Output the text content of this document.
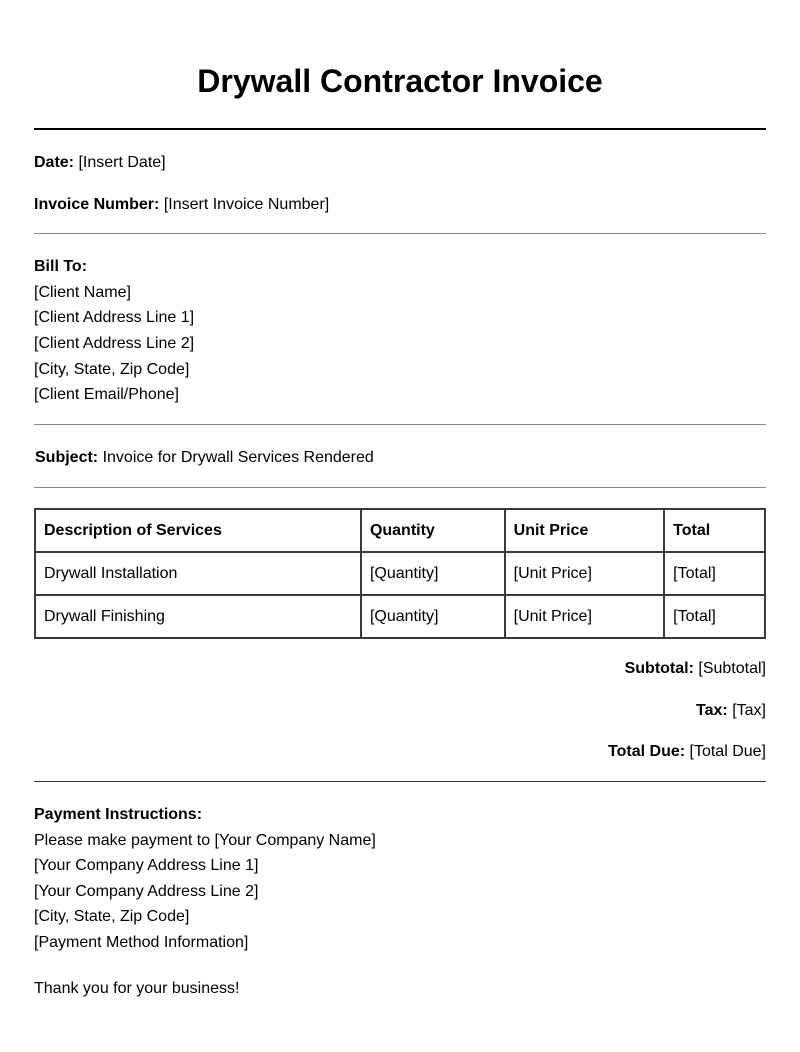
Drywall Contractor Invoice
Date: [Insert Date]
Invoice Number: [Insert Invoice Number]
Bill To:
[Client Name]
[Client Address Line 1]
[Client Address Line 2]
[City, State, Zip Code]
[Client Email/Phone]
Subject: Invoice for Drywall Services Rendered
Description of Services	Quantity	Unit Price	Total
Drywall Installation	[Quantity]	[Unit Price]	[Total]
Drywall Finishing	[Quantity]	[Unit Price]	[Total]
Subtotal: [Subtotal]
Tax: [Tax]
Total Due: [Total Due]
Payment Instructions:
Please make payment to [Your Company Name]
[Your Company Address Line 1]
[Your Company Address Line 2]
[City, State, Zip Code]
[Payment Method Information]
Thank you for your business!
